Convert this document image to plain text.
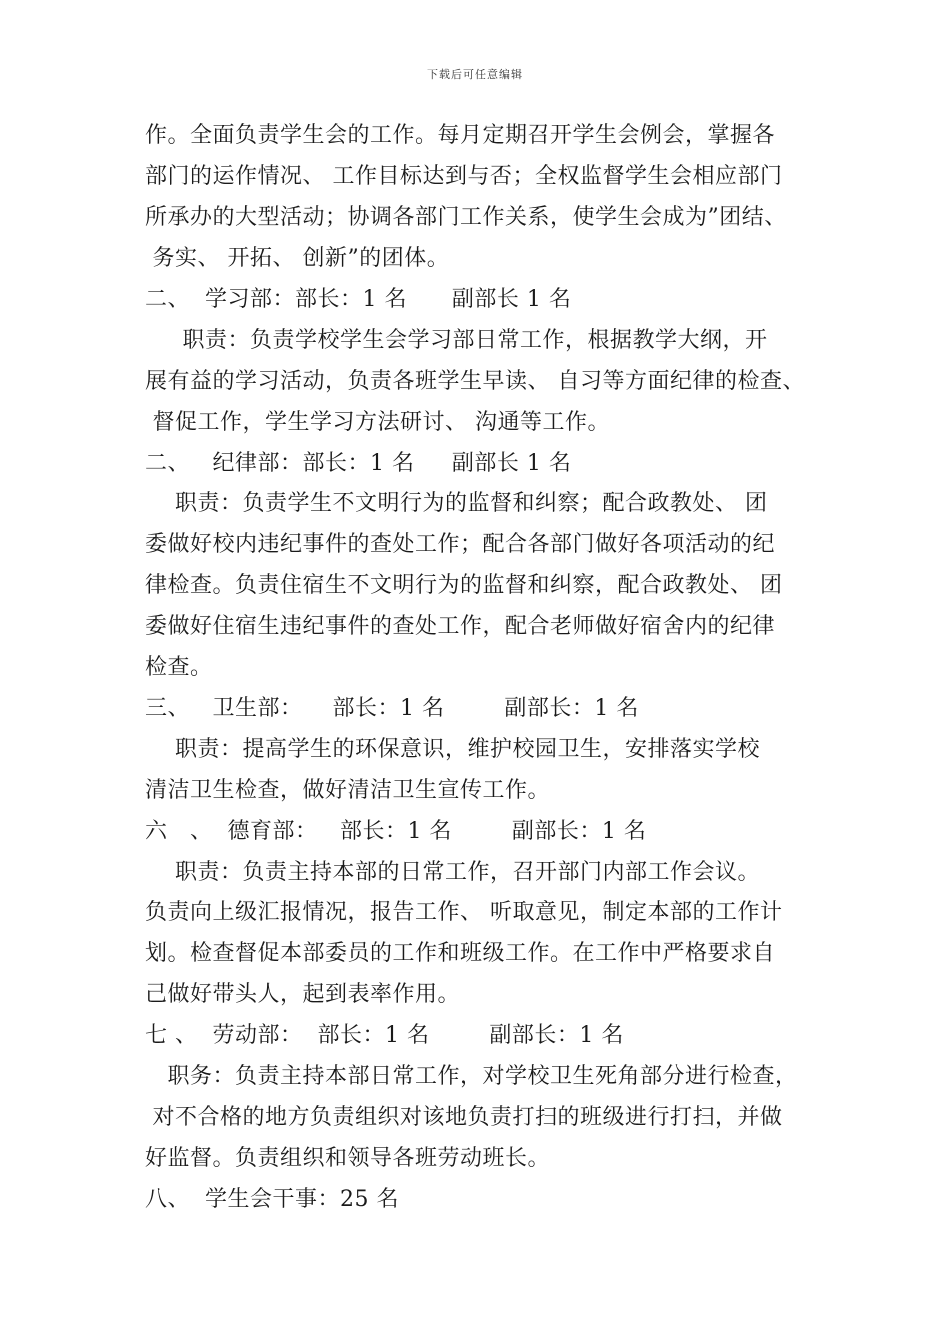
下载后可任意编辑
作。全面负责学生会的工作。每月定期召开学生会例会，掌握各
部门的运作情况、 工作目标达到与否；全权监督学生会相应部门
所承办的大型活动；协调各部门工作关系，使学生会成为”团结、
务实、 开拓、 创新”的团体。
二、  学习部：部长：1 名      副部长 1 名
职责：负责学校学生会学习部日常工作，根据教学大纲，开
展有益的学习活动，负责各班学生早读、 自习等方面纪律的检查、
督促工作，学生学习方法研讨、 沟通等工作。
二、   纪律部：部长：1 名     副部长 1 名
职责：负责学生不文明行为的监督和纠察；配合政教处、 团
委做好校内违纪事件的查处工作；配合各部门做好各项活动的纪
律检查。负责住宿生不文明行为的监督和纠察，配合政教处、 团
委做好住宿生违纪事件的查处工作，配合老师做好宿舍内的纪律
检查。
三、   卫生部：    部长：1 名        副部长：1 名
职责：提高学生的环保意识，维护校园卫生，安排落实学校
清洁卫生检查，做好清洁卫生宣传工作。
六   、  德育部：   部长：1 名        副部长：1 名
职责：负责主持本部的日常工作，召开部门内部工作会议。
负责向上级汇报情况，报告工作、 听取意见，制定本部的工作计
划。检查督促本部委员的工作和班级工作。在工作中严格要求自
己做好带头人，起到表率作用。
七 、  劳动部：  部长：1 名        副部长：1 名
职务：负责主持本部日常工作，对学校卫生死角部分进行检查，
对不合格的地方负责组织对该地负责打扫的班级进行打扫，并做
好监督。负责组织和领导各班劳动班长。
八、  学生会干事：25 名
